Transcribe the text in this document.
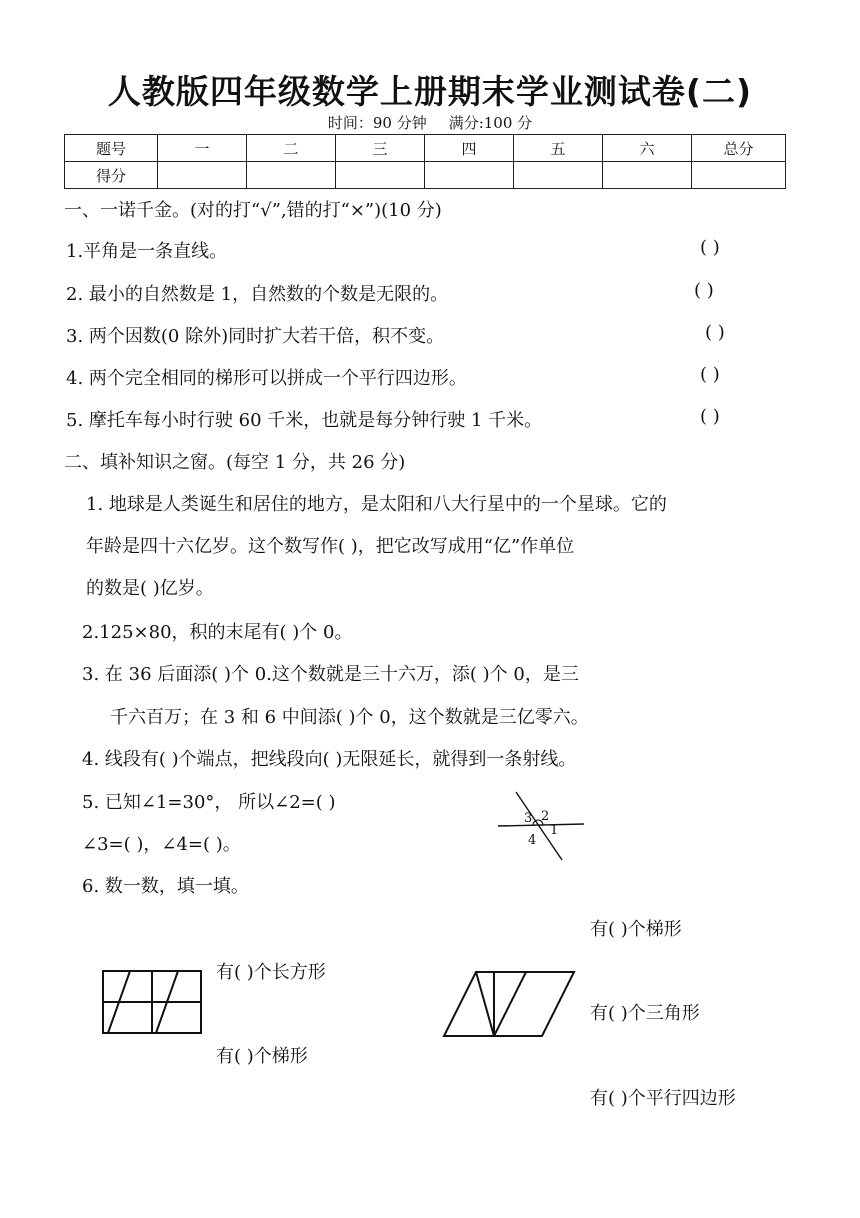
人教版四年级数学上册期末学业测试卷(二)
时间：90 分钟 满分:100 分
题号	一	二	三	四	五	六	总分
得分							
一、一诺千金。(对的打“√”,错的打“×”)(10 分)
1.平角是一条直线。	( )
2. 最小的自然数是 1，自然数的个数是无限的。	( )
3. 两个因数(0 除外)同时扩大若干倍，积不变。	( )
4. 两个完全相同的梯形可以拼成一个平行四边形。	( )
5. 摩托车每小时行驶 60 千米，也就是每分钟行驶 1 千米。	( )
二、填补知识之窗。(每空 1 分，共 26 分)
1. 地球是人类诞生和居住的地方，是太阳和八大行星中的一个星球。它的
年龄是四十六亿岁。这个数写作( )，把它改写成用“亿”作单位
的数是( )亿岁。
2.125×80，积的末尾有( )个 0。
3. 在 36 后面添( )个 0.这个数就是三十六万，添( )个 0，是三
千六百万；在 3 和 6 中间添( )个 0，这个数就是三亿零六。
4. 线段有( )个端点，把线段向( )无限延长，就得到一条射线。
5. 已知∠1=30°， 所以∠2=( )
∠3=( )，∠4=( )。
3 2
1
4
6. 数一数，填一填。
有( )个长方形
有( )个梯形
有( )个梯形
有( )个三角形
有( )个平行四边形
